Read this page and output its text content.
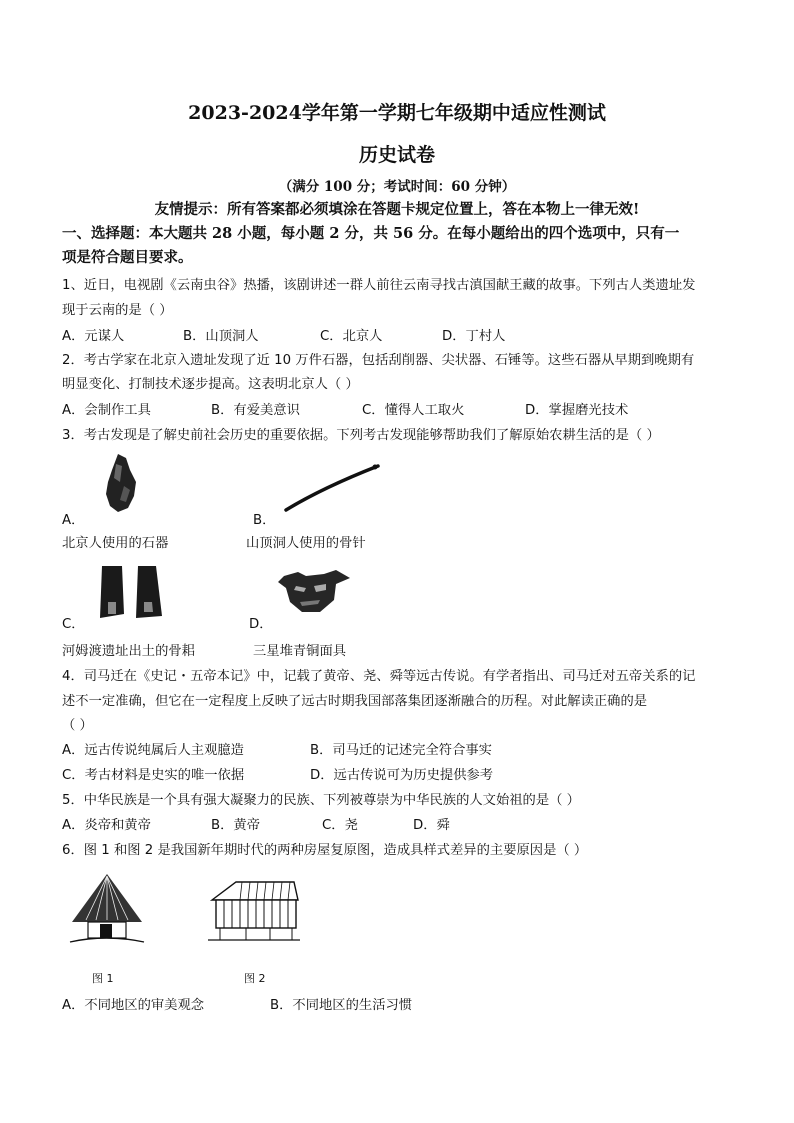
2023-2024学年第一学期七年级期中适应性测试
历史试卷
（满分 100 分；考试时间：60 分钟）
友情提示：所有答案都必须填涂在答题卡规定位置上，答在本物上一律无效!
一、选择题：本大题共 28 小题，每小题 2 分，共 56 分。在每小题给出的四个选项中，只有一
项是符合题目要求。
1、近日，电视剧《云南虫谷》热播，该剧讲述一群人前往云南寻找古滇国献王藏的故事。下列古人类遗址发
现于云南的是（ ）
A．元谋人	B．山顶洞人	C．北京人	D．丁村人
2．考古学家在北京入遗址发现了近 10 万件石器，包括刮削器、尖状器、石锤等。这些石器从早期到晚期有
明显变化、打制技术逐步提高。这表明北京人（ ）
A．会制作工具	B．有爱美意识	C．懂得人工取火	D．掌握磨光技术
3．考古发现是了解史前社会历史的重要依据。下列考古发现能够帮助我们了解原始农耕生活的是（ ）
A．	B．
北京人使用的石器	山顶洞人使用的骨针
C．	D．
河姆渡遗址出土的骨耜	三星堆青铜面具
4．司马迁在《史记・五帝本记》中，记载了黄帝、尧、舜等远古传说。有学者指出、司马迁对五帝关系的记
述不一定准确，但它在一定程度上反映了远古时期我国部落集团逐渐融合的历程。对此解读正确的是
（ ）
A．远古传说纯属后人主观臆造	B．司马迁的记述完全符合事实
C．考古材料是史实的唯一依据	D．远古传说可为历史提供参考
5．中华民族是一个具有强大凝聚力的民族、下列被尊崇为中华民族的人文始祖的是（ ）
A．炎帝和黄帝	B．黄帝	C．尧	D．舜
6．图 1 和图 2 是我国新年期时代的两种房屋复原图，造成具样式差异的主要原因是（ ）
图 1	图 2
A．不同地区的审美观念	B．不同地区的生活习惯
